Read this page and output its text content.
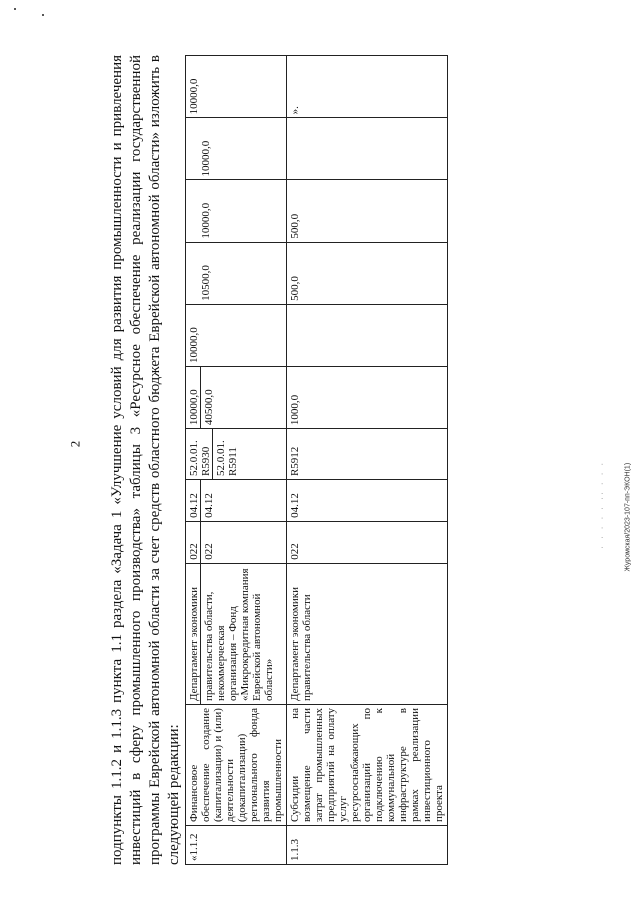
2
Журомская/2023-107-пп-ЭКОН(1)
· · · · · ·· · · ·

подпункты 1.1.2 и 1.1.3 пункта 1.1 раздела «Задача 1 «Улучшение условий для развития промышленности и привлечения инвестиций в сферу промышленного производства» таблицы 3 «Ресурсное обеспечение реализации государственной программы Еврейской автономной области за счет средств областного бюджета Еврейской автономной области» изложить в следующей редакции: «1.1.2	Финансовое обеспечение создание (капитализации) и (или) деятельности (докапитализации) регионального фонда развития промышленности	Департамент экономики правительства области, некоммерческая организация – Фонд «Микрокредитная компания Еврейской автономной области»	022 022	04.12 04.12	52.0.01. R5930 52.0.01. R5911	10000,0 40500,0	10000,0	10500,0	10000,0	10000,0	10000,0
1.1.3	Субсидии на возмещение части затрат промышленных предприятий на оплату услуг ресурсоснабжающих организаций по подключению к коммунальной инфраструктуре в рамках реализации инвестиционного проекта	Департамент экономики правительства области	022	04.12	R5912	1000,0		500,0	500,0		».
